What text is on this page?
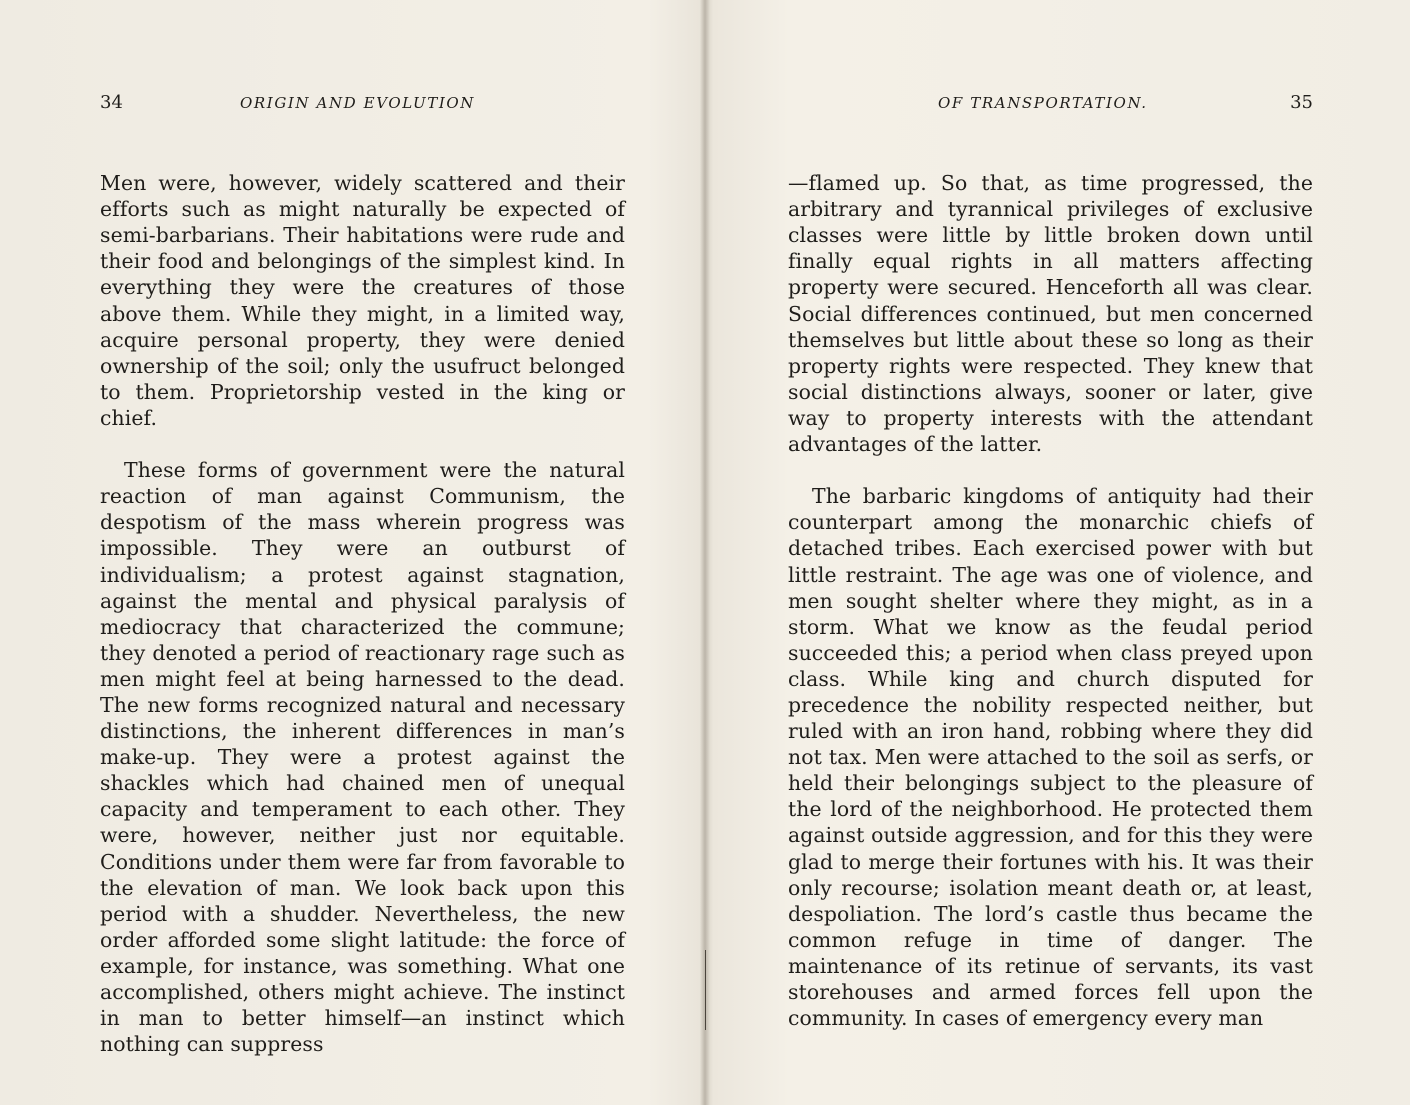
34	ORIGIN AND EVOLUTION

Men were, however, widely scattered and their efforts such as might naturally be expected of semi-barbarians. Their habitations were rude and their food and belongings of the simplest kind. In everything they were the creatures of those above them. While they might, in a limited way, acquire personal property, they were denied ownership of the soil; only the usufruct belonged to them. Proprietorship vested in the king or chief.

These forms of government were the natural reaction of man against Communism, the despotism of the mass wherein progress was impossible. They were an outburst of individualism; a protest against stagnation, against the mental and physical paralysis of mediocracy that characterized the commune; they denoted a period of reactionary rage such as men might feel at being harnessed to the dead. The new forms recognized natural and necessary distinctions, the inherent differences in man’s make-up. They were a protest against the shackles which had chained men of unequal capacity and temperament to each other. They were, however, neither just nor equitable. Conditions under them were far from favorable to the elevation of man. We look back upon this period with a shudder. Nevertheless, the new order afforded some slight latitude: the force of example, for instance, was something. What one accomplished, others might achieve. The instinct in man to better himself—an instinct which nothing can suppress

OF TRANSPORTATION.	35

—flamed up. So that, as time progressed, the arbitrary and tyrannical privileges of exclusive classes were little by little broken down until finally equal rights in all matters affecting property were secured. Henceforth all was clear. Social differences continued, but men concerned themselves but little about these so long as their property rights were respected. They knew that social distinctions always, sooner or later, give way to property interests with the attendant advantages of the latter.

The barbaric kingdoms of antiquity had their counterpart among the monarchic chiefs of detached tribes. Each exercised power with but little restraint. The age was one of violence, and men sought shelter where they might, as in a storm. What we know as the feudal period succeeded this; a period when class preyed upon class. While king and church disputed for precedence the nobility respected neither, but ruled with an iron hand, robbing where they did not tax. Men were attached to the soil as serfs, or held their belongings subject to the pleasure of the lord of the neighborhood. He protected them against outside aggression, and for this they were glad to merge their fortunes with his. It was their only recourse; isolation meant death or, at least, despoliation. The lord’s castle thus became the common refuge in time of danger. The maintenance of its retinue of servants, its vast storehouses and armed forces fell upon the community. In cases of emergency every man
